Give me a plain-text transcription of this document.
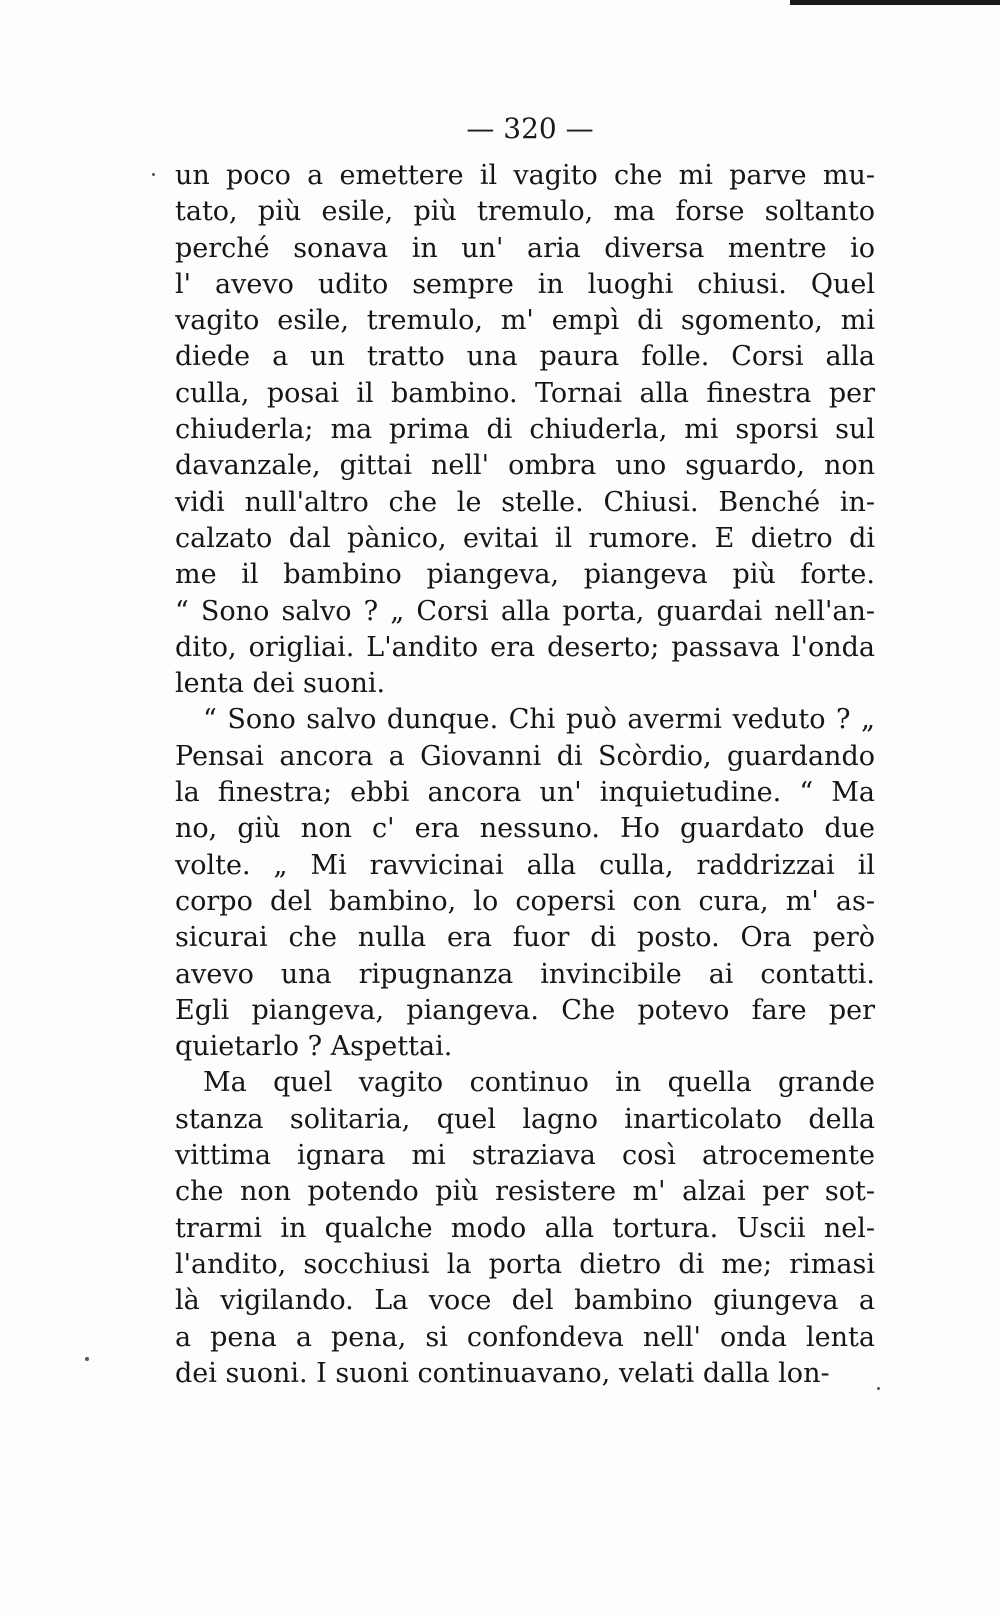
— 320 —
un poco a emettere il vagito che mi parve mu-
tato, più esile, più tremulo, ma forse soltanto
perché sonava in un' aria diversa mentre io
l' avevo udito sempre in luoghi chiusi. Quel
vagito esile, tremulo, m' empì di sgomento, mi
diede a un tratto una paura folle. Corsi alla
culla, posai il bambino. Tornai alla finestra per
chiuderla; ma prima di chiuderla, mi sporsi sul
davanzale, gittai nell' ombra uno sguardo, non
vidi null'altro che le stelle. Chiusi. Benché in-
calzato dal pànico, evitai il rumore. E dietro di
me il bambino piangeva, piangeva più forte.
“ Sono salvo ? „ Corsi alla porta, guardai nell'an-
dito, origliai. L'andito era deserto; passava l'onda
lenta dei suoni.
“ Sono salvo dunque. Chi può avermi veduto ? „
Pensai ancora a Giovanni di Scòrdio, guardando
la finestra; ebbi ancora un' inquietudine. “ Ma
no, giù non c' era nessuno. Ho guardato due
volte. „ Mi ravvicinai alla culla, raddrizzai il
corpo del bambino, lo copersi con cura, m' as-
sicurai che nulla era fuor di posto. Ora però
avevo una ripugnanza invincibile ai contatti.
Egli piangeva, piangeva. Che potevo fare per
quietarlo ? Aspettai.
Ma quel vagito continuo in quella grande
stanza solitaria, quel lagno inarticolato della
vittima ignara mi straziava così atrocemente
che non potendo più resistere m' alzai per sot-
trarmi in qualche modo alla tortura. Uscii nel-
l'andito, socchiusi la porta dietro di me; rimasi
là vigilando. La voce del bambino giungeva a
a pena a pena, si confondeva nell' onda lenta
dei suoni. I suoni continuavano, velati dalla lon-
